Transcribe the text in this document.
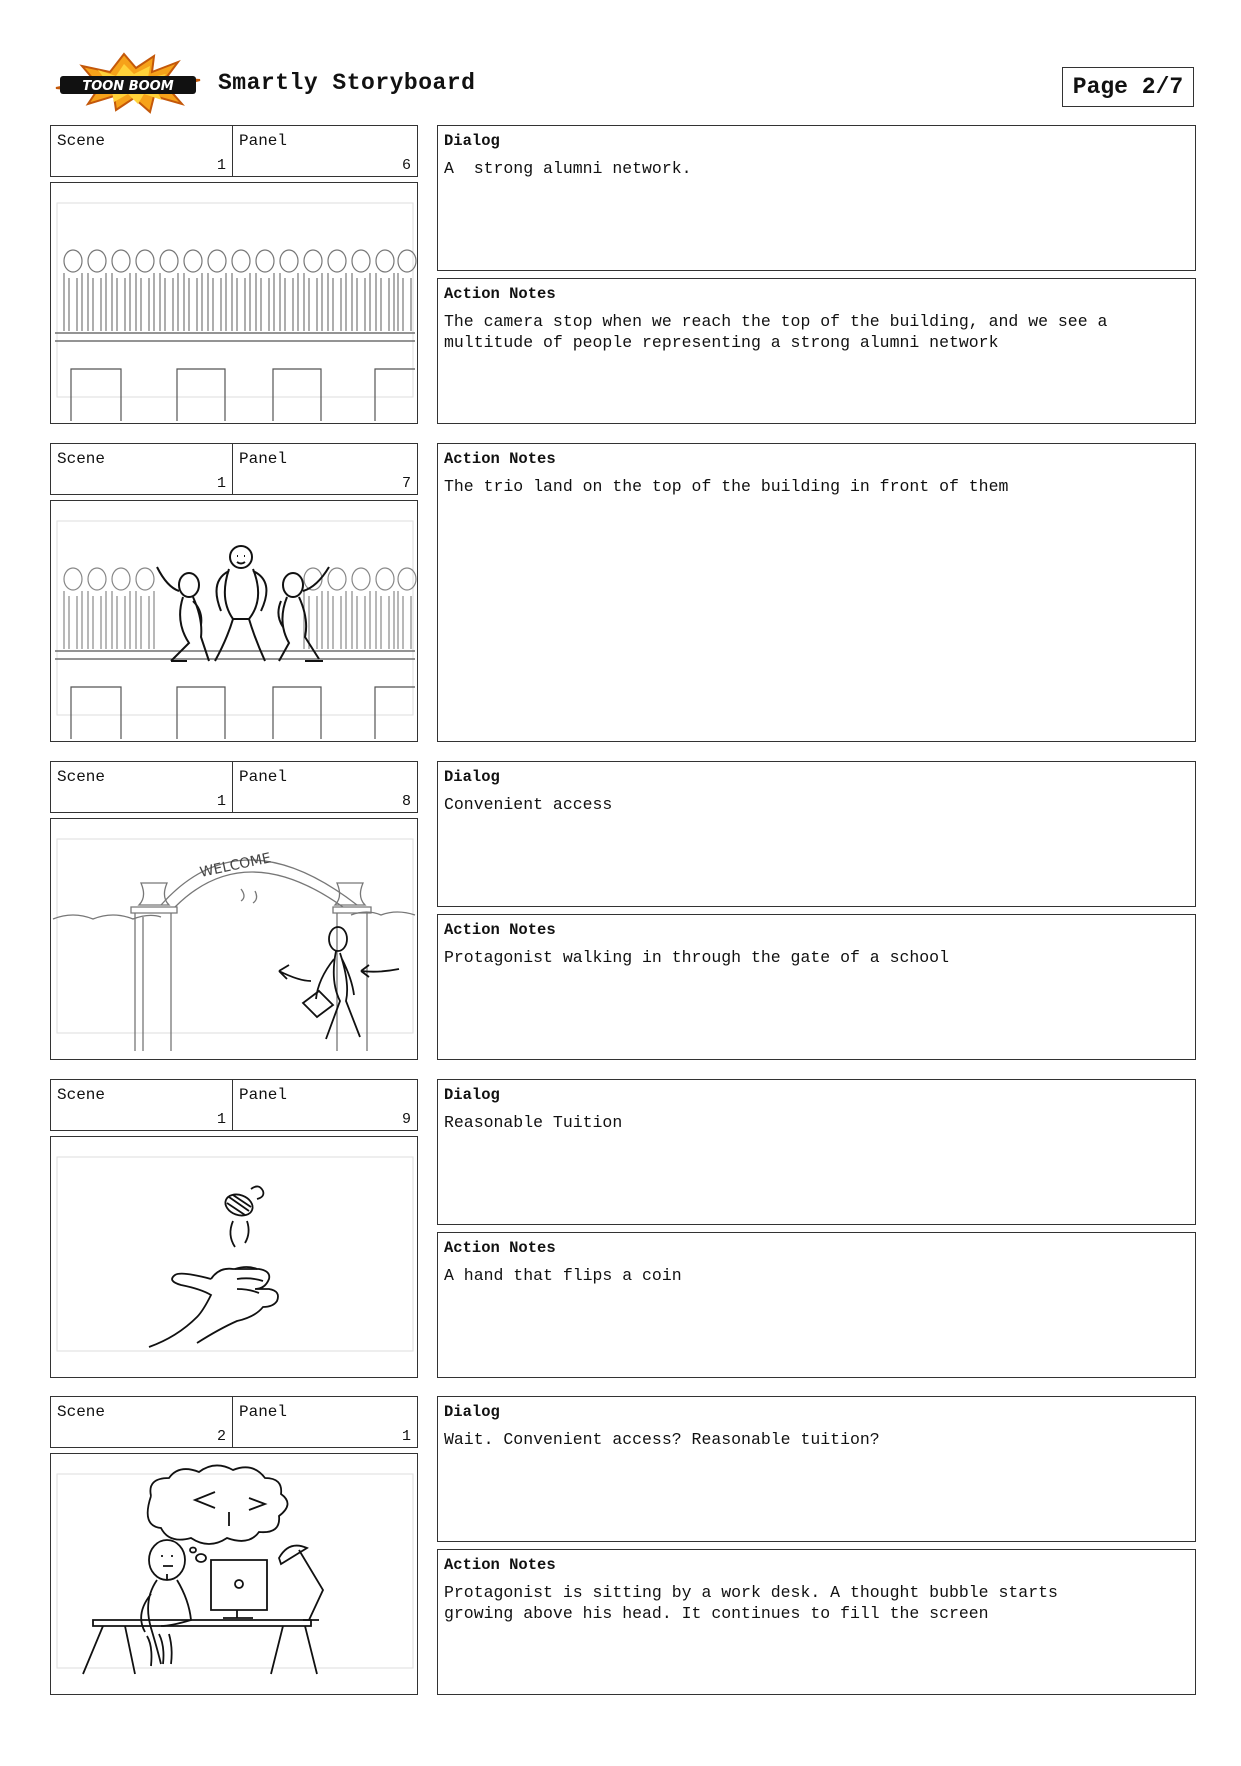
TOON BOOM Smartly Storyboard	Page
2/7
Scene
1
Panel
6
Dialog
A  strong alumni network.
Action Notes
The camera stop when we reach the top of the building, and we see a multitude of people representing a strong alumni network
Scene
1
Panel
7
Action Notes
The trio land on the top of the building in front of them
Scene
1
Panel
8
WELCOME
Dialog
Convenient access
Action Notes
Protagonist walking in through the gate of a school
Scene
1
Panel
9
Dialog
Reasonable Tuition
Action Notes
A hand that flips a coin
Scene
2
Panel
1
Dialog
Wait. Convenient access? Reasonable tuition?
Action Notes
Protagonist is sitting by a work desk. A thought bubble starts growing above his head. It continues to fill the screen
